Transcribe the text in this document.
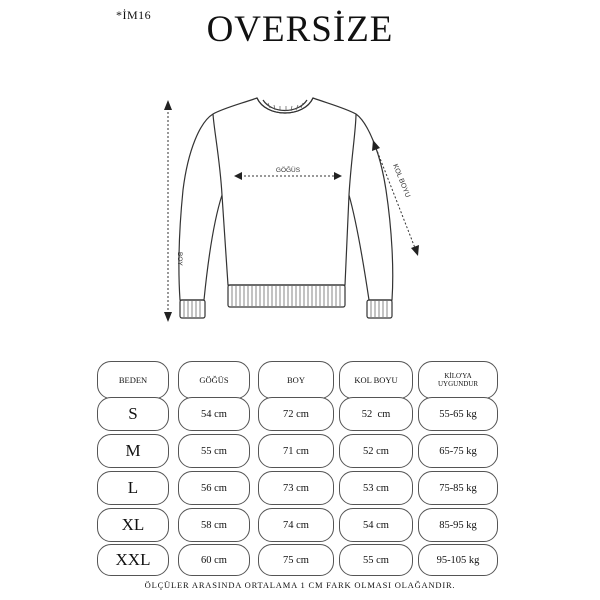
*İM16	OVERSİZE
GÖĞÜS
BOY
KOL BOYU
BEDEN	GÖĞÜS	BOY	KOL BOYU	KİLO'YA UYGUNDUR
S	54 cm	72 cm	52  cm	55-65 kg
M	55 cm	71 cm	52 cm	65-75 kg
L	56 cm	73 cm	53 cm	75-85 kg
XL	58 cm	74 cm	54 cm	85-95 kg
XXL	60 cm	75 cm	55 cm	95-105 kg
ÖLÇÜLER ARASINDA ORTALAMA 1 CM FARK OLMASI OLAĞANDIR.
